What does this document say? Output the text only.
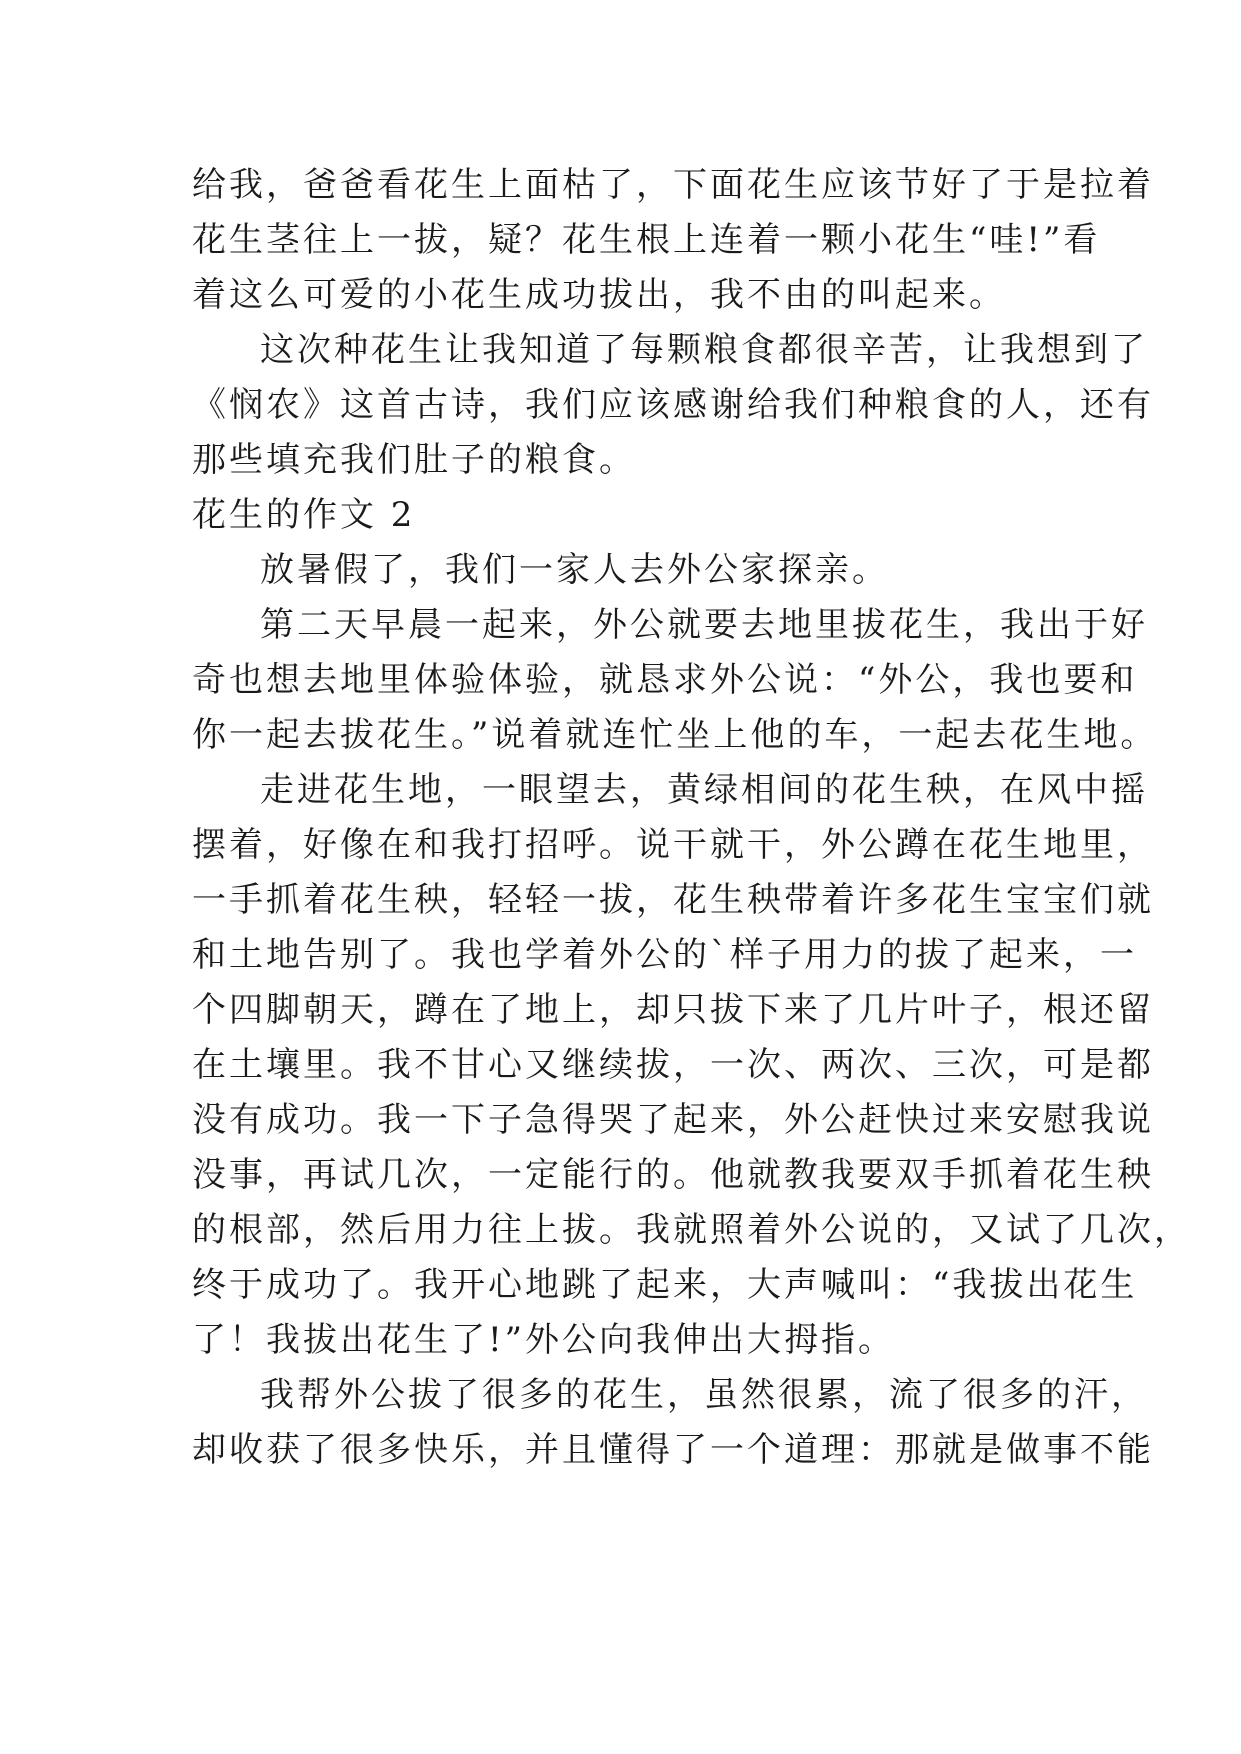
给我，爸爸看花生上面枯了，下面花生应该节好了于是拉着
花生茎往上一拔，疑？花生根上连着一颗小花生“哇!”看
着这么可爱的小花生成功拔出，我不由的叫起来。
这次种花生让我知道了每颗粮食都很辛苦，让我想到了
《悯农》这首古诗，我们应该感谢给我们种粮食的人，还有
那些填充我们肚子的粮食。
花生的作文 2
放暑假了，我们一家人去外公家探亲。
第二天早晨一起来，外公就要去地里拔花生，我出于好
奇也想去地里体验体验，就恳求外公说：“外公，我也要和
你一起去拔花生。”说着就连忙坐上他的车，一起去花生地。
走进花生地，一眼望去，黄绿相间的花生秧，在风中摇
摆着，好像在和我打招呼。说干就干，外公蹲在花生地里，
一手抓着花生秧，轻轻一拔，花生秧带着许多花生宝宝们就
和土地告别了。我也学着外公的`样子用力的拔了起来，一
个四脚朝天，蹲在了地上，却只拔下来了几片叶子，根还留
在土壤里。我不甘心又继续拔，一次、两次、三次，可是都
没有成功。我一下子急得哭了起来，外公赶快过来安慰我说
没事，再试几次，一定能行的。他就教我要双手抓着花生秧
的根部，然后用力往上拔。我就照着外公说的，又试了几次，
终于成功了。我开心地跳了起来，大声喊叫：“我拔出花生
了！我拔出花生了!”外公向我伸出大拇指。
我帮外公拔了很多的花生，虽然很累，流了很多的汗，
却收获了很多快乐，并且懂得了一个道理：那就是做事不能
